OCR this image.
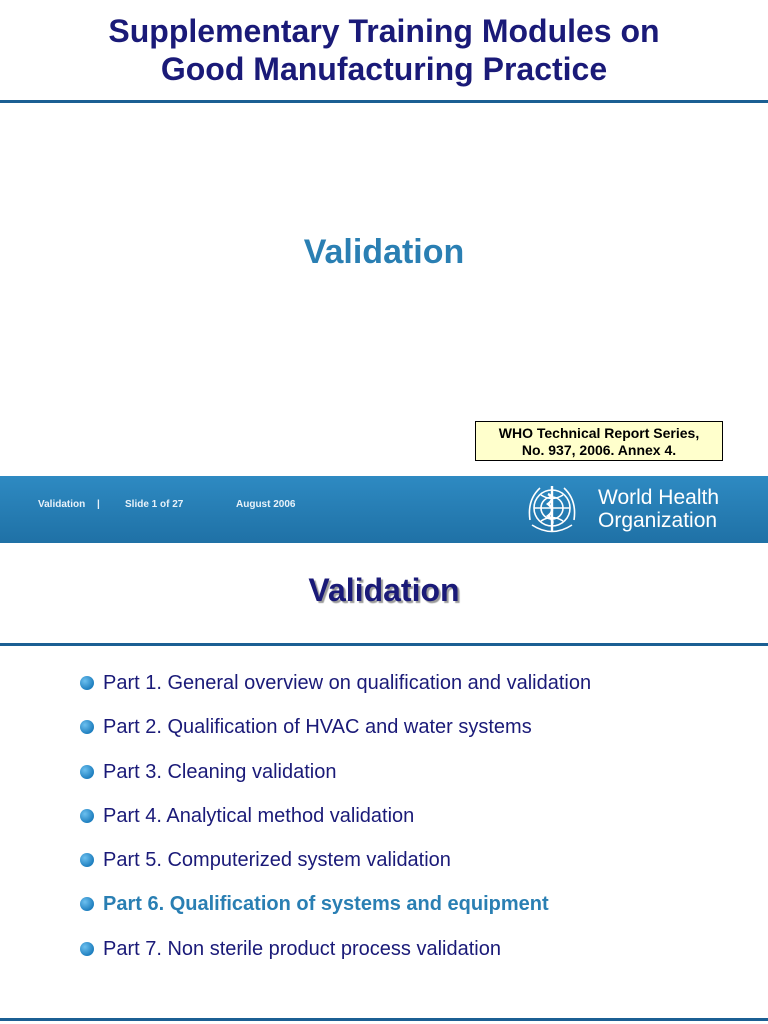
Supplementary Training Modules on
Good Manufacturing Practice
Validation
WHO Technical Report Series,
No. 937, 2006. Annex 4.
Validation |	Slide 1 of 27	August 2006	World Health
Organization
Validation
Part 1. General overview on qualification and validation
Part 2. Qualification of HVAC and water systems
Part 3. Cleaning validation
Part 4. Analytical method validation
Part 5. Computerized system validation
Part 6. Qualification of systems and equipment
Part 7. Non sterile product process validation
